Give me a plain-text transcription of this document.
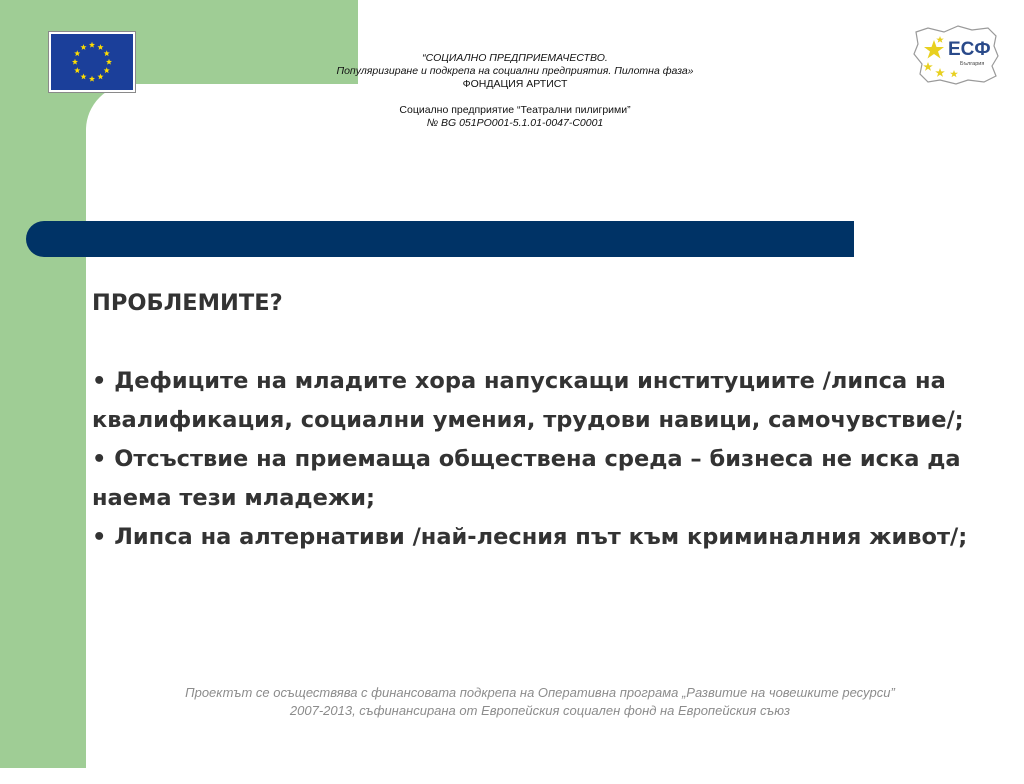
ЕСФ
България
“СОЦИАЛНО ПРЕДПРИЕМАЧЕСТВО.
Популяризиране и подкрепа на социални предприятия. Пилотна фаза»
ФОНДАЦИЯ АРТИСТ
Социално предприятие “Театрални пилигрими”
№ BG 051PO001-5.1.01-0047-C0001

ПРОБЛЕМИТЕ?

• Дефиците на младите хора напускащи институциите /липса на квалификация, социални умения, трудови навици, самочувствие/;

• Отсъствие на приемаща обществена среда – бизнеса не иска да наема тези младежи;

• Липса на алтернативи /най-лесния път към криминалния живот/;

Проектът се осъществява с финансовата подкрепа на Оперативна програма „Развитие на човешките ресурси”
2007-2013, съфинансирана от Европейския социален фонд на Европейския съюз
